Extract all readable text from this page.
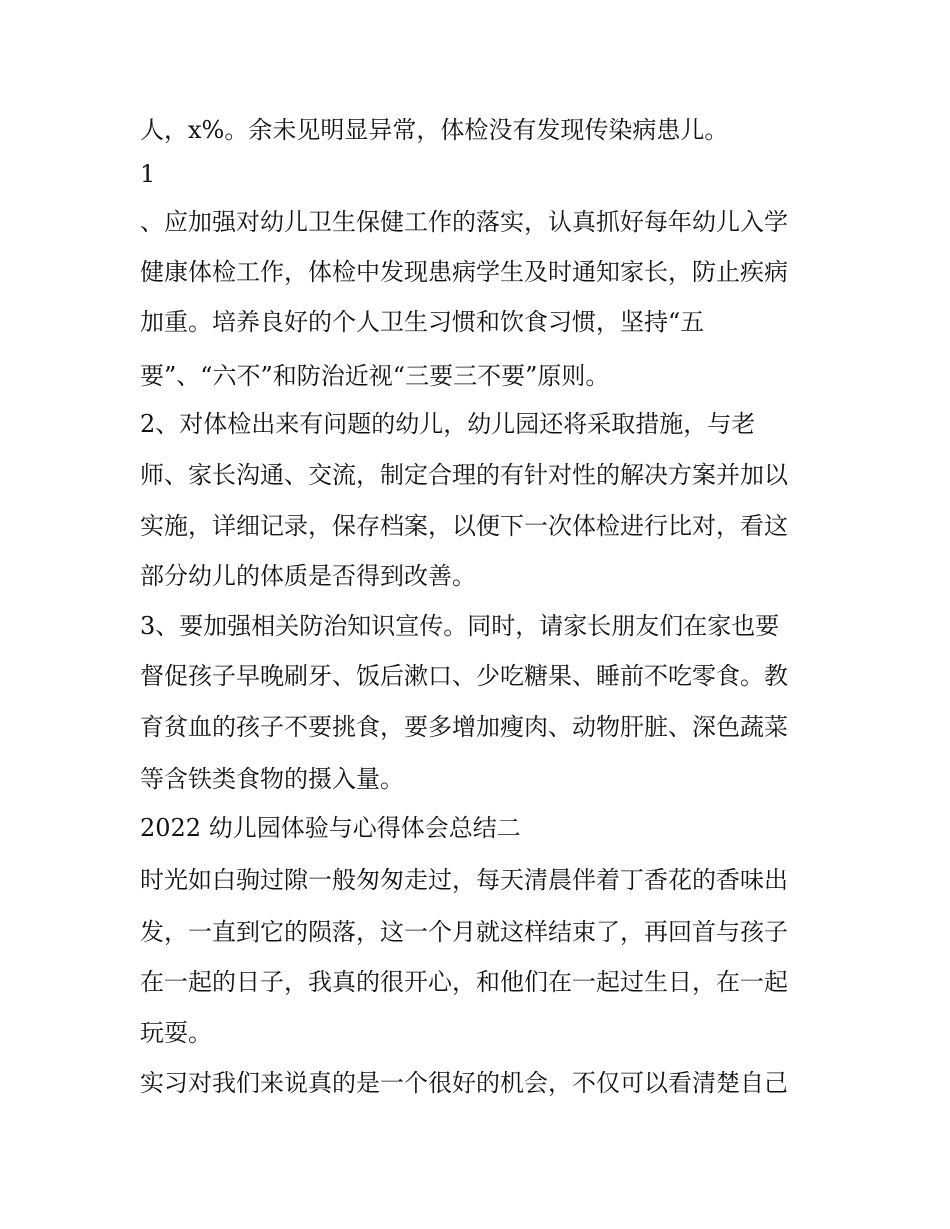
人，x%。余未见明显异常，体检没有发现传染病患儿。
1
、应加强对幼儿卫生保健工作的落实，认真抓好每年幼儿入学
健康体检工作，体检中发现患病学生及时通知家长，防止疾病
加重。培养良好的个人卫生习惯和饮食习惯，坚持“五
要”、“六不”和防治近视“三要三不要”原则。
2、对体检出来有问题的幼儿，幼儿园还将采取措施，与老
师、家长沟通、交流，制定合理的有针对性的解决方案并加以
实施，详细记录，保存档案，以便下一次体检进行比对，看这
部分幼儿的体质是否得到改善。
3、要加强相关防治知识宣传。同时，请家长朋友们在家也要
督促孩子早晚刷牙、饭后漱口、少吃糖果、睡前不吃零食。教
育贫血的孩子不要挑食，要多增加瘦肉、动物肝脏、深色蔬菜
等含铁类食物的摄入量。
2022 幼儿园体验与心得体会总结二
时光如白驹过隙一般匆匆走过，每天清晨伴着丁香花的香味出
发，一直到它的陨落，这一个月就这样结束了，再回首与孩子
在一起的日子，我真的很开心，和他们在一起过生日，在一起
玩耍。
实习对我们来说真的是一个很好的机会，不仅可以看清楚自己
